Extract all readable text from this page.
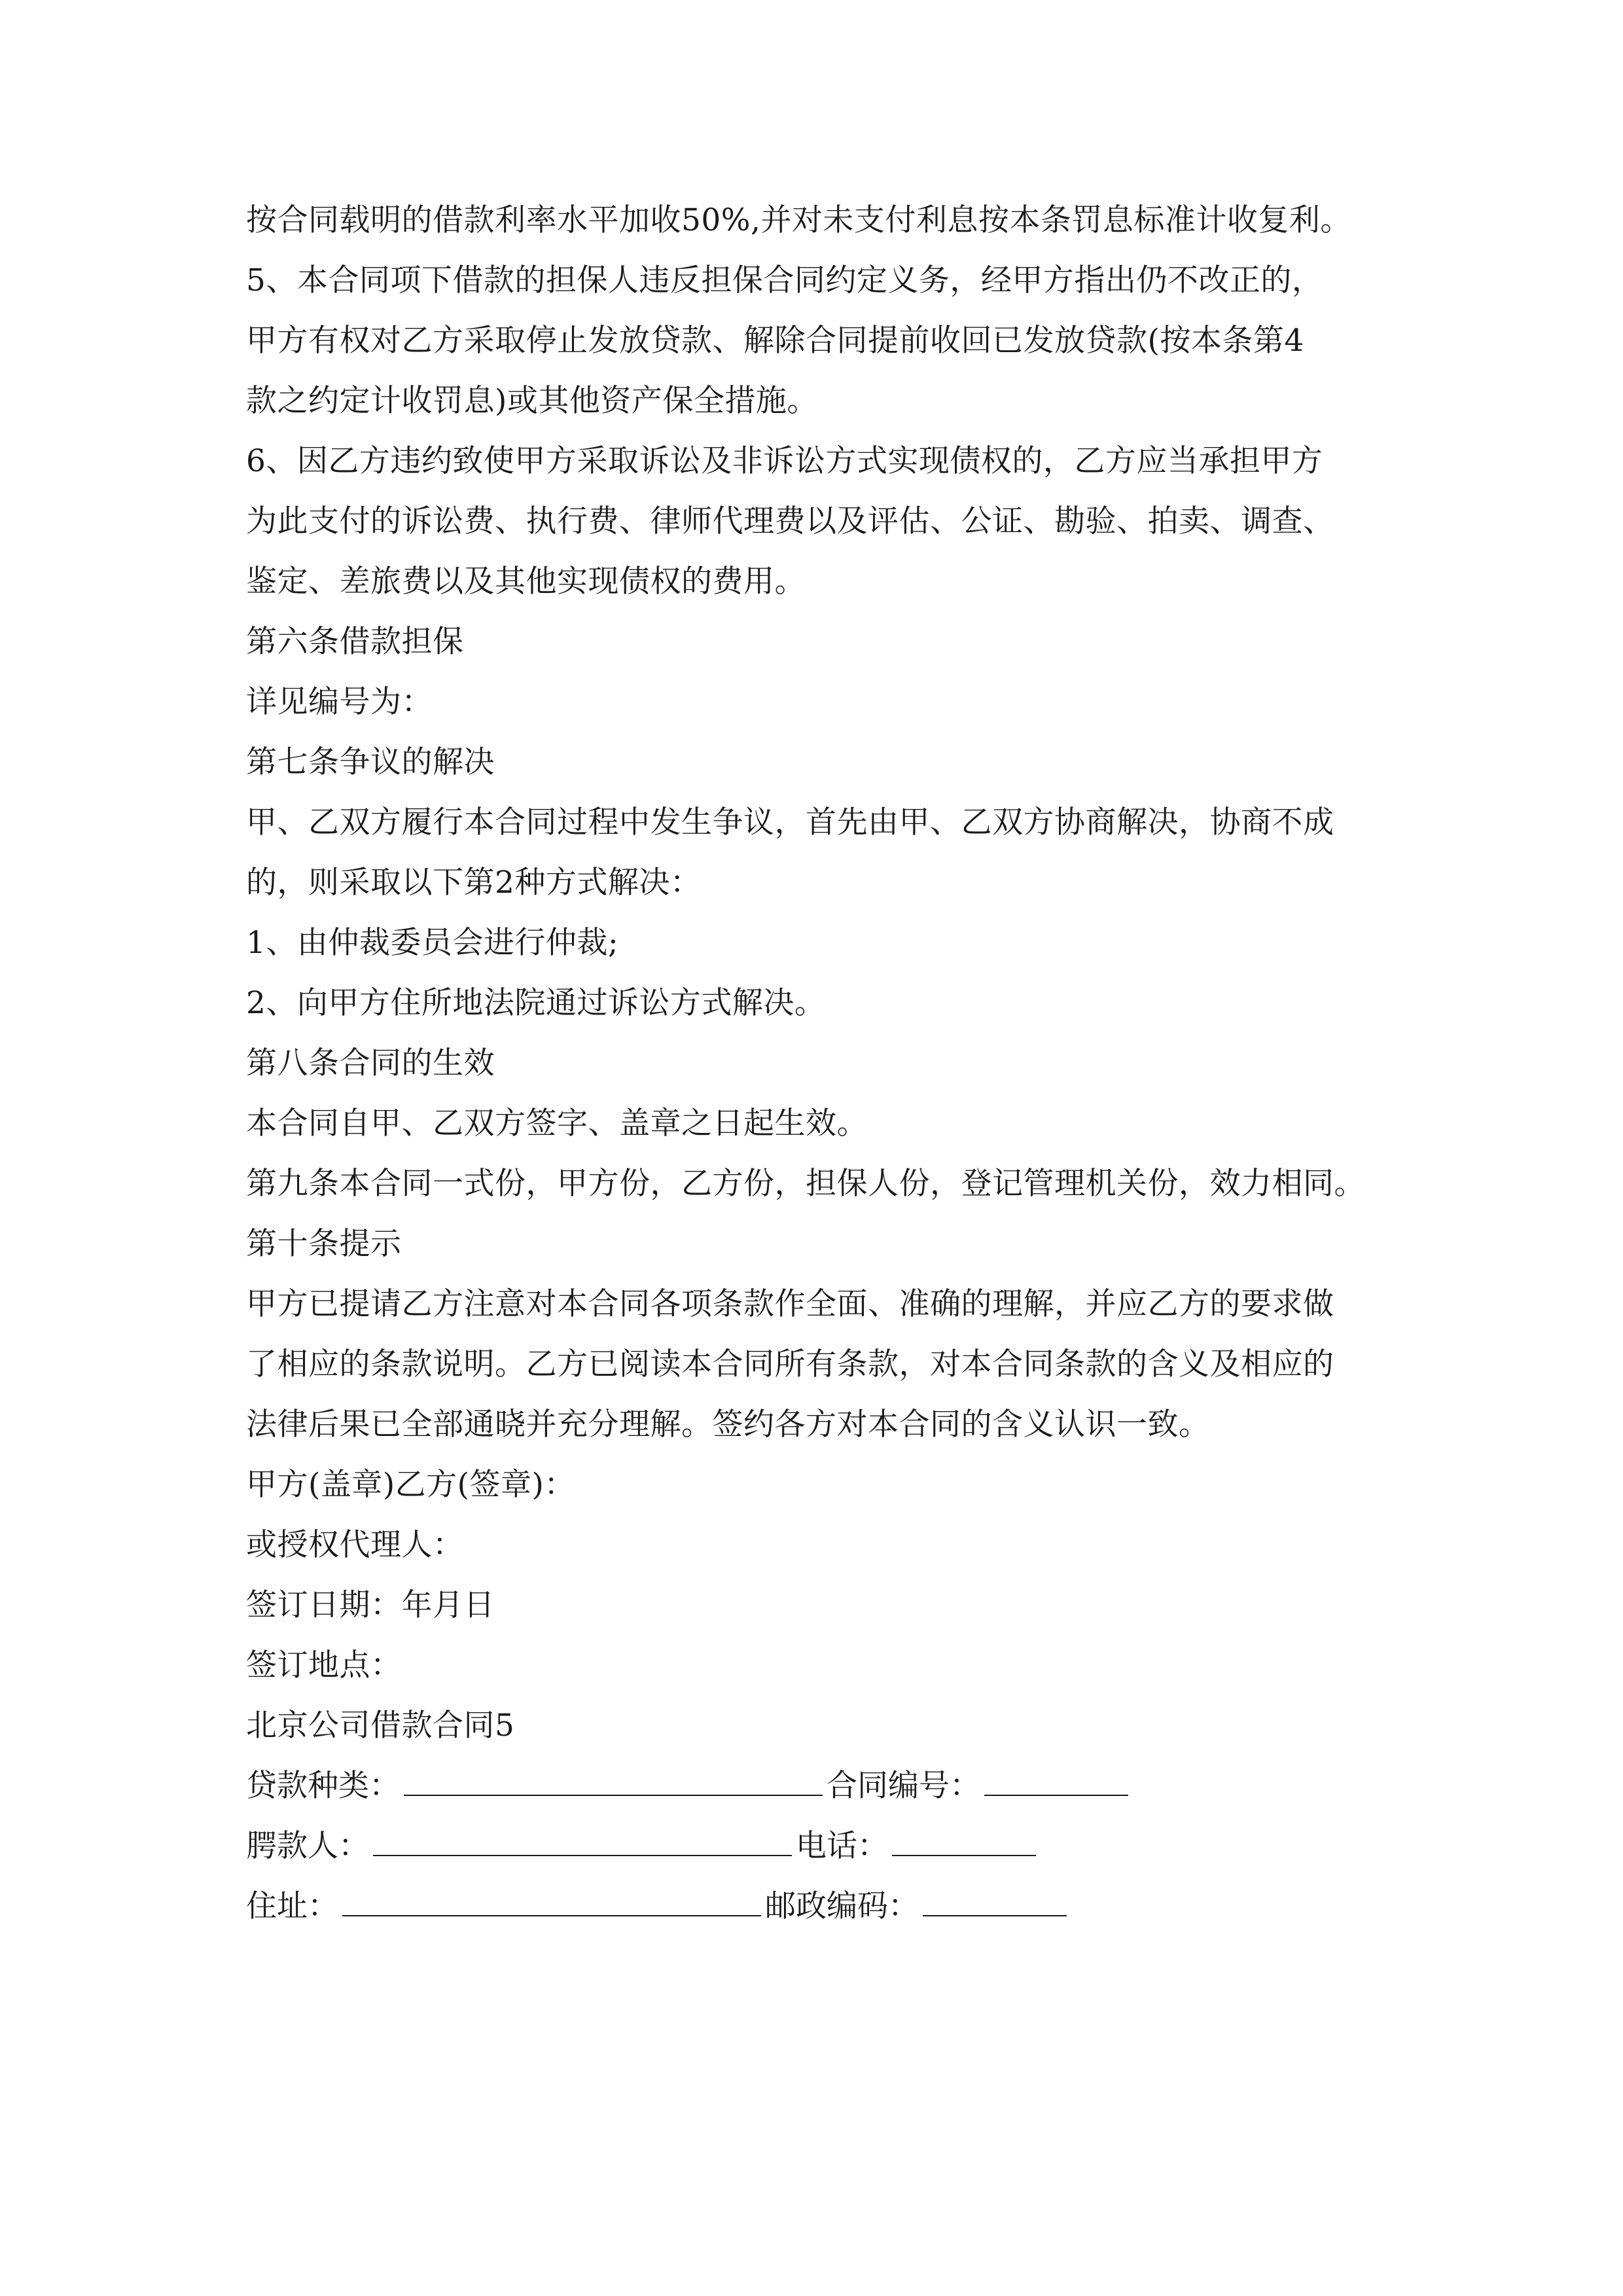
按合同载明的借款利率水平加收50%,并对未支付利息按本条罚息标准计收复利。
5、本合同项下借款的担保人违反担保合同约定义务，经甲方指出仍不改正的，
甲方有权对乙方采取停止发放贷款、解除合同提前收回已发放贷款(按本条第4
款之约定计收罚息)或其他资产保全措施。
6、因乙方违约致使甲方采取诉讼及非诉讼方式实现债权的，乙方应当承担甲方
为此支付的诉讼费、执行费、律师代理费以及评估、公证、勘验、拍卖、调查、
鉴定、差旅费以及其他实现债权的费用。
第六条借款担保
详见编号为：
第七条争议的解决
甲、乙双方履行本合同过程中发生争议，首先由甲、乙双方协商解决，协商不成
的，则采取以下第2种方式解决：
1、由仲裁委员会进行仲裁;
2、向甲方住所地法院通过诉讼方式解决。
第八条合同的生效
本合同自甲、乙双方签字、盖章之日起生效。
第九条本合同一式份，甲方份，乙方份，担保人份，登记管理机关份，效力相同。
第十条提示
甲方已提请乙方注意对本合同各项条款作全面、准确的理解，并应乙方的要求做
了相应的条款说明。乙方已阅读本合同所有条款，对本合同条款的含义及相应的
法律后果已全部通晓并充分理解。签约各方对本合同的含义认识一致。
甲方(盖章)乙方(签章)：
或授权代理人：
签订日期：年月日
签订地点：
北京公司借款合同5
贷款种类：	合同编号：
腭款人：	电话：
住址：	邮政编码：
